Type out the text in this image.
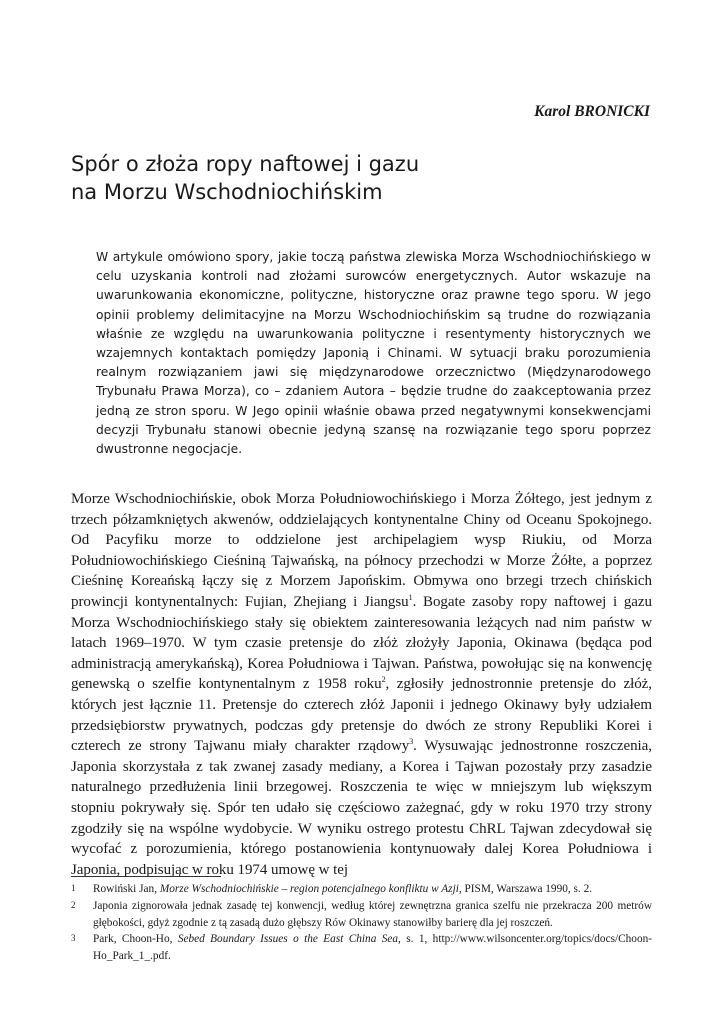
Karol BRONICKI
Spór o złoża ropy naftowej i gazu
na Morzu Wschodniochińskim

W artykule omówiono spory, jakie toczą państwa zlewiska Morza Wschodniochińskiego w celu uzyskania kontroli nad złożami surowców energetycznych. Autor wskazuje na uwarunkowania ekonomiczne, polityczne, historyczne oraz prawne tego sporu. W jego opinii problemy delimitacyjne na Morzu Wschodniochińskim są trudne do rozwiązania właśnie ze względu na uwarunkowania polityczne i resentymenty historycznych we wzajemnych kontaktach pomiędzy Japonią i Chinami. W sytuacji braku porozumienia realnym rozwiązaniem jawi się międzynarodowe orzecznictwo (Międzynarodowego Trybunału Prawa Morza), co – zdaniem Autora – będzie trudne do zaakceptowania przez jedną ze stron sporu. W Jego opinii właśnie obawa przed negatywnymi konsekwencjami decyzji Trybunału stanowi obecnie jedyną szansę na rozwiązanie tego sporu poprzez dwustronne negocjacje.

Morze Wschodniochińskie, obok Morza Południowochińskiego i Morza Żółtego, jest jednym z trzech półzamkniętych akwenów, oddzielających kontynentalne Chiny od Oceanu Spokojnego. Od Pacyfiku morze to oddzielone jest archipelagiem wysp Riukiu, od Morza Południowochińskiego Cieśniną Tajwańską, na północy przechodzi w Morze Żółte, a poprzez Cieśninę Koreańską łączy się z Morzem Japońskim. Obmywa ono brzegi trzech chińskich prowincji kontynentalnych: Fujian, Zhejiang i Jiangsu$^1$. Bogate zasoby ropy naftowej i gazu Morza Wschodniochińskiego stały się obiektem zainteresowania leżących nad nim państw w latach 1969–1970. W tym czasie pretensje do złóż złożyły Japonia, Okinawa (będąca pod administracją amerykańską), Korea Południowa i Tajwan. Państwa, powołując się na konwencję genewską o szelfie kontynentalnym z 1958 roku$^2$, zgłosiły jednostronnie pretensje do złóż, których jest łącznie 11. Pretensje do czterech złóż Japonii i jednego Okinawy były udziałem przedsiębiorstw prywatnych, podczas gdy pretensje do dwóch ze strony Republiki Korei i czterech ze strony Tajwanu miały charakter rządowy$^3$. Wysuwając jednostronne roszczenia, Japonia skorzystała z tak zwanej zasady mediany, a Korea i Tajwan pozostały przy zasadzie naturalnego przedłużenia linii brzegowej. Roszczenia te więc w mniejszym lub większym stopniu pokrywały się. Spór ten udało się częściowo zażegnać, gdy w roku 1970 trzy strony zgodziły się na wspólne wydobycie. W wyniku ostrego protestu ChRL Tajwan zdecydował się wycofać z porozumienia, którego postanowienia kontynuowały dalej Korea Południowa i Japonia, podpisując w roku 1974 umowę w tej

1	Rowiński Jan, Morze Wschodniochińskie – region potencjalnego konfliktu w Azji, PISM, Warszawa 1990, s. 2.
2	Japonia zignorowała jednak zasadę tej konwencji, według której zewnętrzna granica szelfu nie przekracza 200 metrów głębokości, gdyż zgodnie z tą zasadą dużo głębszy Rów Okinawy stanowiłby barierę dla jej roszczeń.
3	Park, Choon-Ho, Sebed Boundary Issues o the East China Sea, s. 1, http://www.wilsoncenter.org/topics/docs/Choon-Ho_Park_1_.pdf.
